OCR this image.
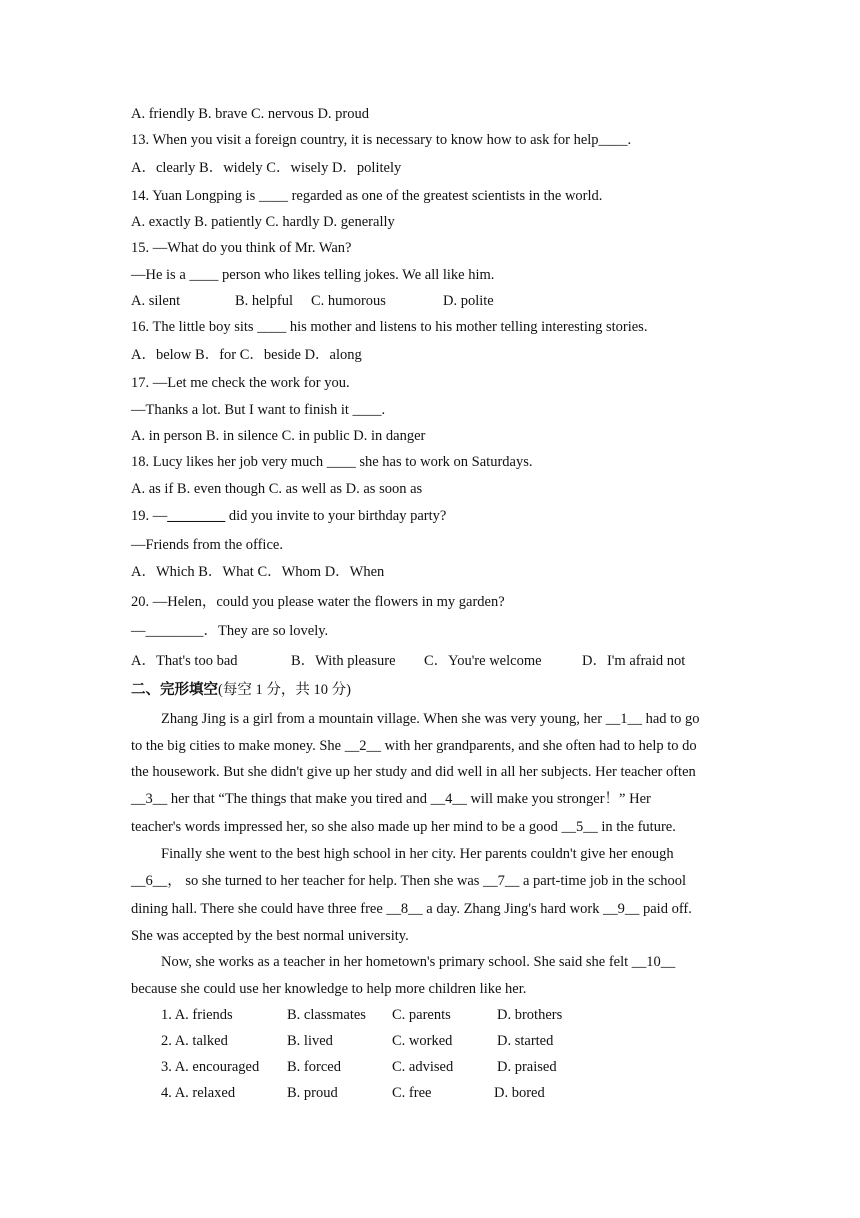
A. friendly B. brave C. nervous D. proud
13. When you visit a foreign country, it is necessary to know how to ask for help____.
A．clearly B．widely C．wisely D．politely
14. Yuan Longping is ____ regarded as one of the greatest scientists in the world.
A. exactly B. patiently C. hardly D. generally
15. —What do you think of Mr. Wan?
—He is a ____ person who likes telling jokes. We all like him.
A. silent	B. helpful C. humorous	D. polite
16. The little boy sits ____ his mother and listens to his mother telling interesting stories.
A．below B．for C．beside D．along
17. —Let me check the work for you.
—Thanks a lot. But I want to finish it ____.
A. in person B. in silence C. in public D. in danger
18. Lucy likes her job very much ____ she has to work on Saturdays.
A. as if B. even though C. as well as D. as soon as
19. —________ did you invite to your birthday party?
—Friends from the office.
A．Which B．What C．Whom D．When
20. —Helen，could you please water the flowers in my garden?
—________．They are so lovely.
A．That's too bad	B．With pleasure C．You're welcome	D．I'm afraid not
二、完形填空(每空 1 分，共 10 分)
Zhang Jing is a girl from a mountain village. When she was very young, her __1__ had to go
to the big cities to make money. She __2__ with her grandparents, and she often had to help to do
the housework. But she didn't give up her study and did well in all her subjects. Her teacher often
__3__ her that “The things that make you tired and __4__ will make you stronger！” Her
teacher's words impressed her, so she also made up her mind to be a good __5__ in the future.
Finally she went to the best high school in her city. Her parents couldn't give her enough
__6__， so she turned to her teacher for help. Then she was __7__ a part-time job in the school
dining hall. There she could have three free __8__ a day. Zhang Jing's hard work __9__ paid off.
She was accepted by the best normal university.
Now, she works as a teacher in her hometown's primary school. She said she felt __10__
because she could use her knowledge to help more children like her.
1. A. friends	B. classmates C. parents	D. brothers
2. A. talked	B. lived	C. worked	D. started
3. A. encouraged B. forced	C. advised	D. praised
4. A. relaxed	B. proud	C. free	D. bored
